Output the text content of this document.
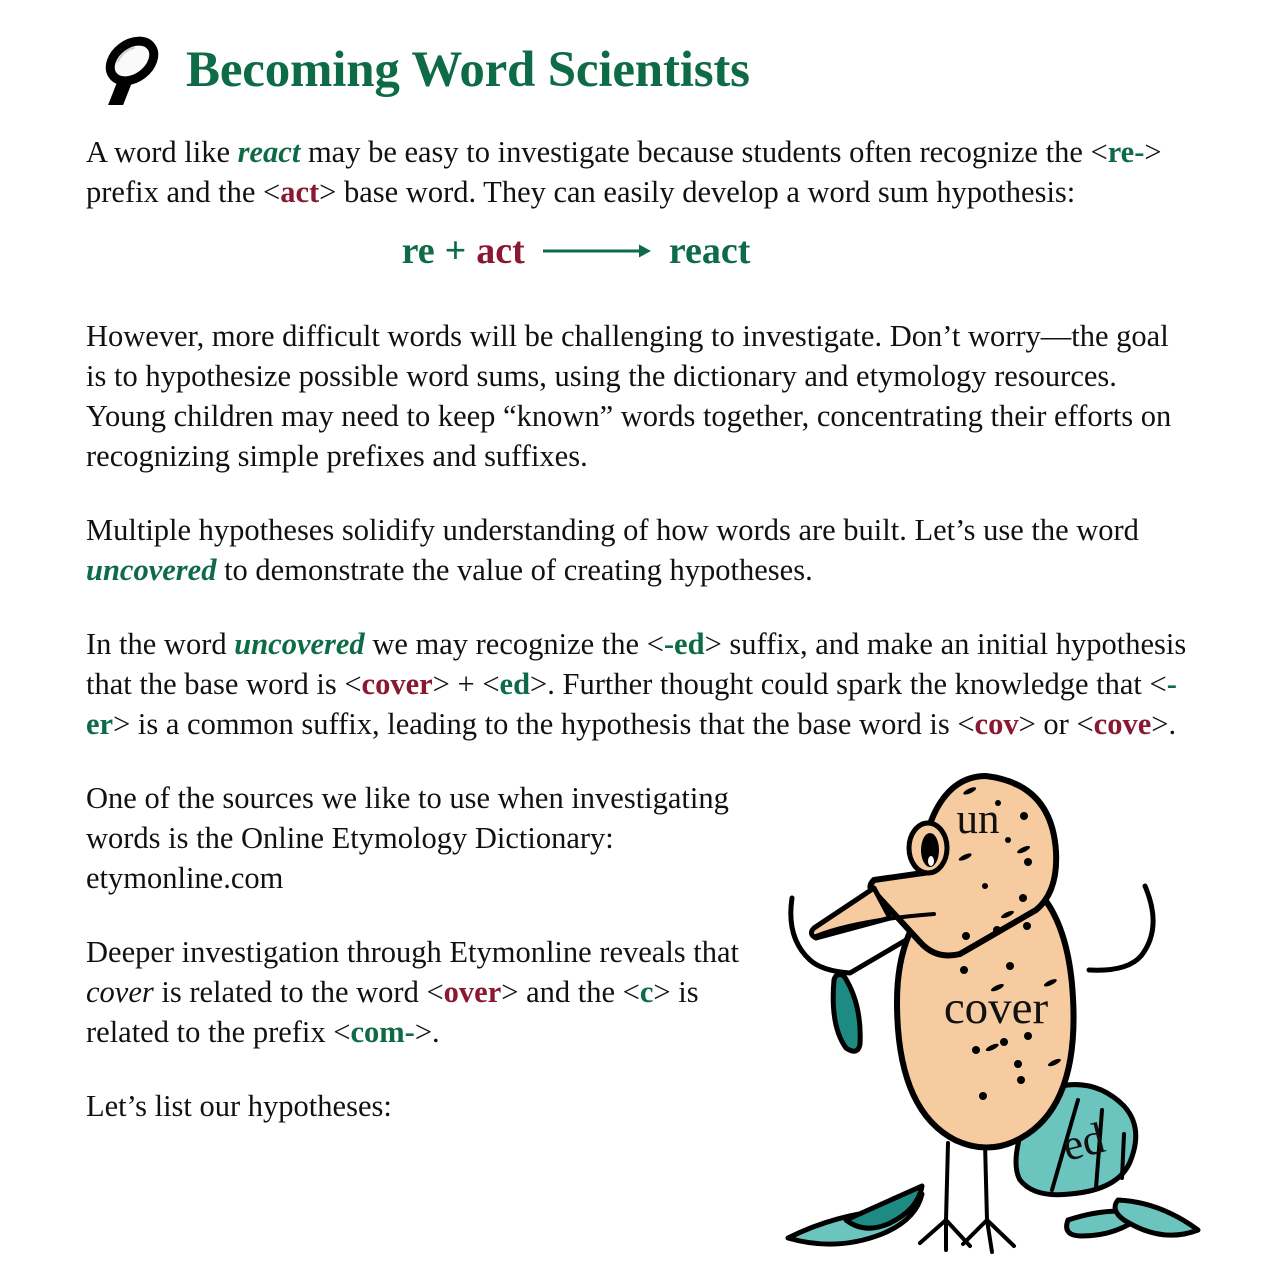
Becoming Word Scientists

A word like react may be easy to investigate because students often recognize the <re-> prefix and the <act> base word. They can easily develop a word sum hypothesis:

re + act	react

However, more difficult words will be challenging to investigate. Don’t worry—the goal is to hypothesize possible word sums, using the dictionary and etymology resources. Young children may need to keep “known” words together, concentrating their efforts on recognizing simple prefixes and suffixes.

Multiple hypotheses solidify understanding of how words are built. Let’s use the word uncovered to demonstrate the value of creating hypotheses.

In the word uncovered we may recognize the <-ed> suffix, and make an initial hypothesis that the base word is <cover> + <ed>. Further thought could spark the knowledge that <-er> is a common suffix, leading to the hypothesis that the base word is <cov> or <cove>.

One of the sources we like to use when investigating words is the Online Etymology Dictionary: etymonline.com

Deeper investigation through Etymonline reveals that cover is related to the word <over> and the <c> is related to the prefix <com->.

Let’s list our hypotheses:

un
cover
ed
